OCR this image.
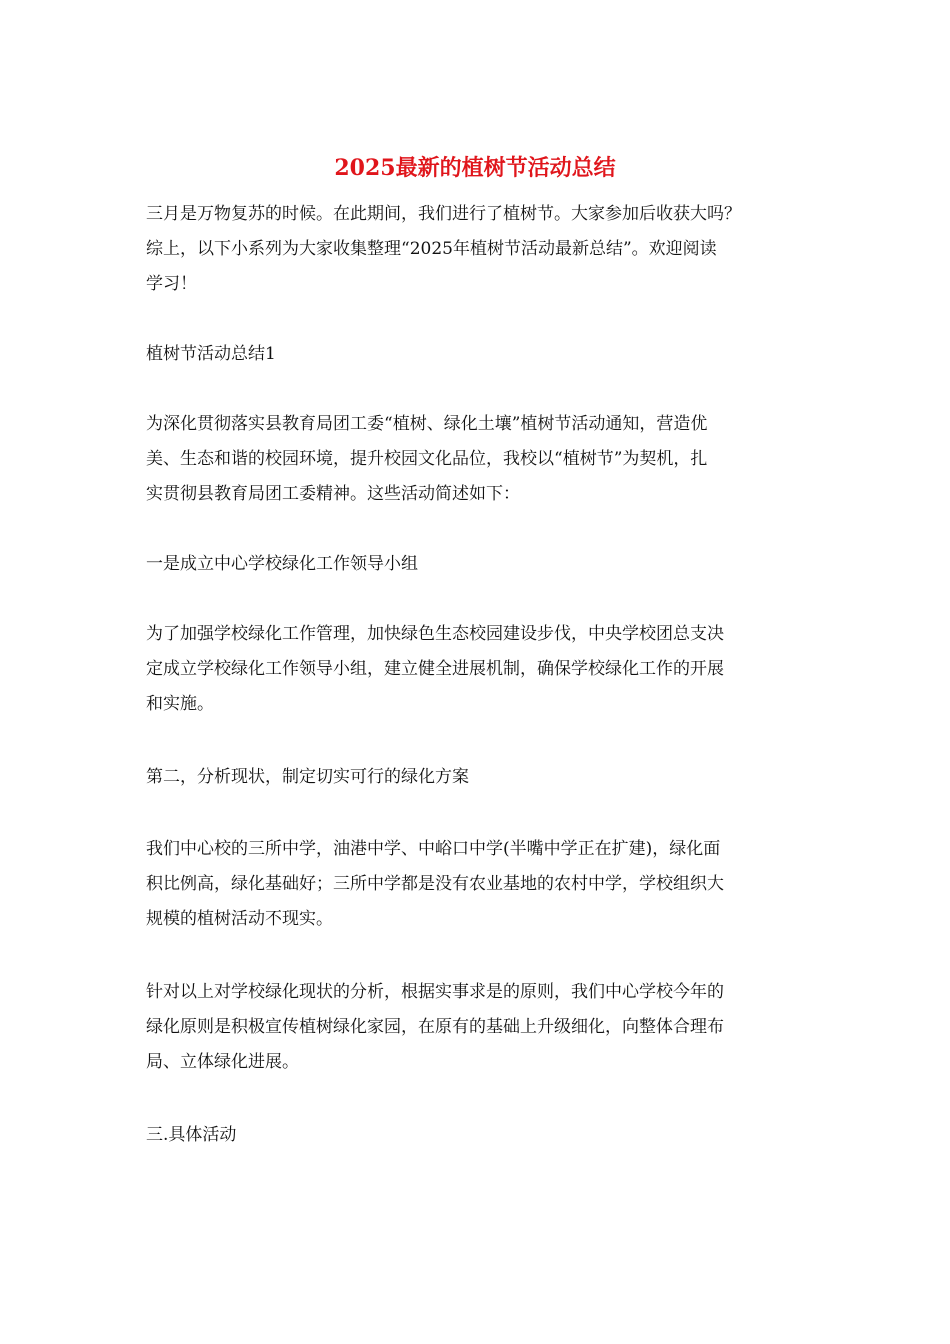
2025最新的植树节活动总结

三月是万物复苏的时候。在此期间，我们进行了植树节。大家参加后收获大吗？
综上，以下小系列为大家收集整理“2025年植树节活动最新总结”。欢迎阅读
学习！

植树节活动总结1

为深化贯彻落实县教育局团工委“植树、绿化土壤”植树节活动通知，营造优
美、生态和谐的校园环境，提升校园文化品位，我校以“植树节”为契机，扎
实贯彻县教育局团工委精神。这些活动简述如下：

一是成立中心学校绿化工作领导小组

为了加强学校绿化工作管理，加快绿色生态校园建设步伐，中央学校团总支决
定成立学校绿化工作领导小组，建立健全进展机制，确保学校绿化工作的开展
和实施。

第二，分析现状，制定切实可行的绿化方案

我们中心校的三所中学，油港中学、中峪口中学(半嘴中学正在扩建)，绿化面
积比例高，绿化基础好；三所中学都是没有农业基地的农村中学，学校组织大
规模的植树活动不现实。

针对以上对学校绿化现状的分析，根据实事求是的原则，我们中心学校今年的
绿化原则是积极宣传植树绿化家园，在原有的基础上升级细化，向整体合理布
局、立体绿化进展。

三.具体活动
